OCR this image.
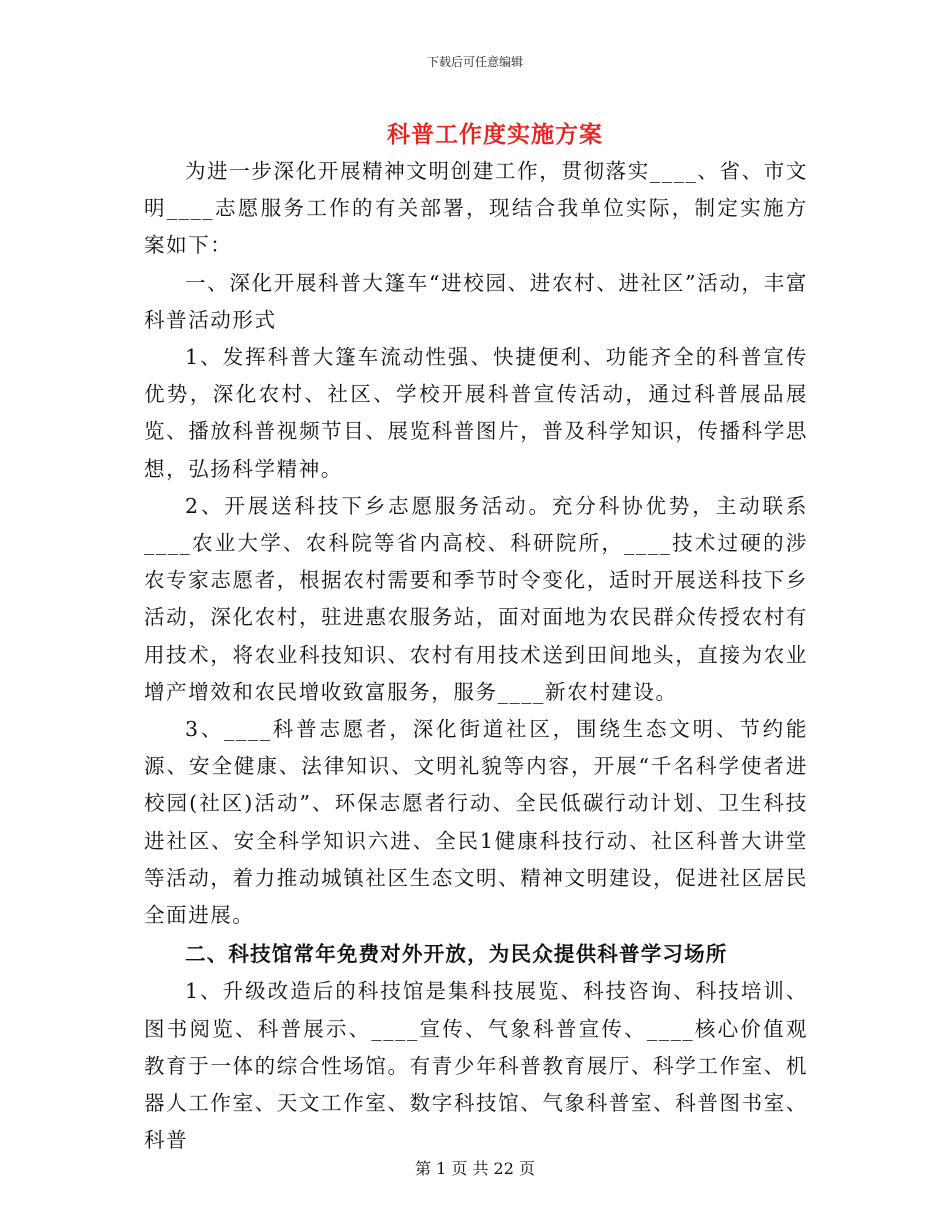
下载后可任意编辑
科普工作度实施方案

为进一步深化开展精神文明创建工作，贯彻落实____、省、市文明____志愿服务工作的有关部署，现结合我单位实际，制定实施方案如下：

一、深化开展科普大篷车“进校园、进农村、进社区”活动，丰富科普活动形式

1、发挥科普大篷车流动性强、快捷便利、功能齐全的科普宣传优势，深化农村、社区、学校开展科普宣传活动，通过科普展品展览、播放科普视频节目、展览科普图片，普及科学知识，传播科学思想，弘扬科学精神。

2、开展送科技下乡志愿服务活动。充分科协优势，主动联系____农业大学、农科院等省内高校、科研院所，____技术过硬的涉农专家志愿者，根据农村需要和季节时令变化，适时开展送科技下乡活动，深化农村，驻进惠农服务站，面对面地为农民群众传授农村有用技术，将农业科技知识、农村有用技术送到田间地头，直接为农业增产增效和农民增收致富服务，服务____新农村建设。

3、____科普志愿者，深化街道社区，围绕生态文明、节约能源、安全健康、法律知识、文明礼貌等内容，开展“千名科学使者进校园(社区)活动”、环保志愿者行动、全民低碳行动计划、卫生科技进社区、安全科学知识六进、全民1健康科技行动、社区科普大讲堂等活动，着力推动城镇社区生态文明、精神文明建设，促进社区居民全面进展。

二、科技馆常年免费对外开放，为民众提供科普学习场所

1、升级改造后的科技馆是集科技展览、科技咨询、科技培训、图书阅览、科普展示、____宣传、气象科普宣传、____核心价值观教育于一体的综合性场馆。有青少年科普教育展厅、科学工作室、机器人工作室、天文工作室、数字科技馆、气象科普室、科普图书室、科普

第 1 页 共 22 页
